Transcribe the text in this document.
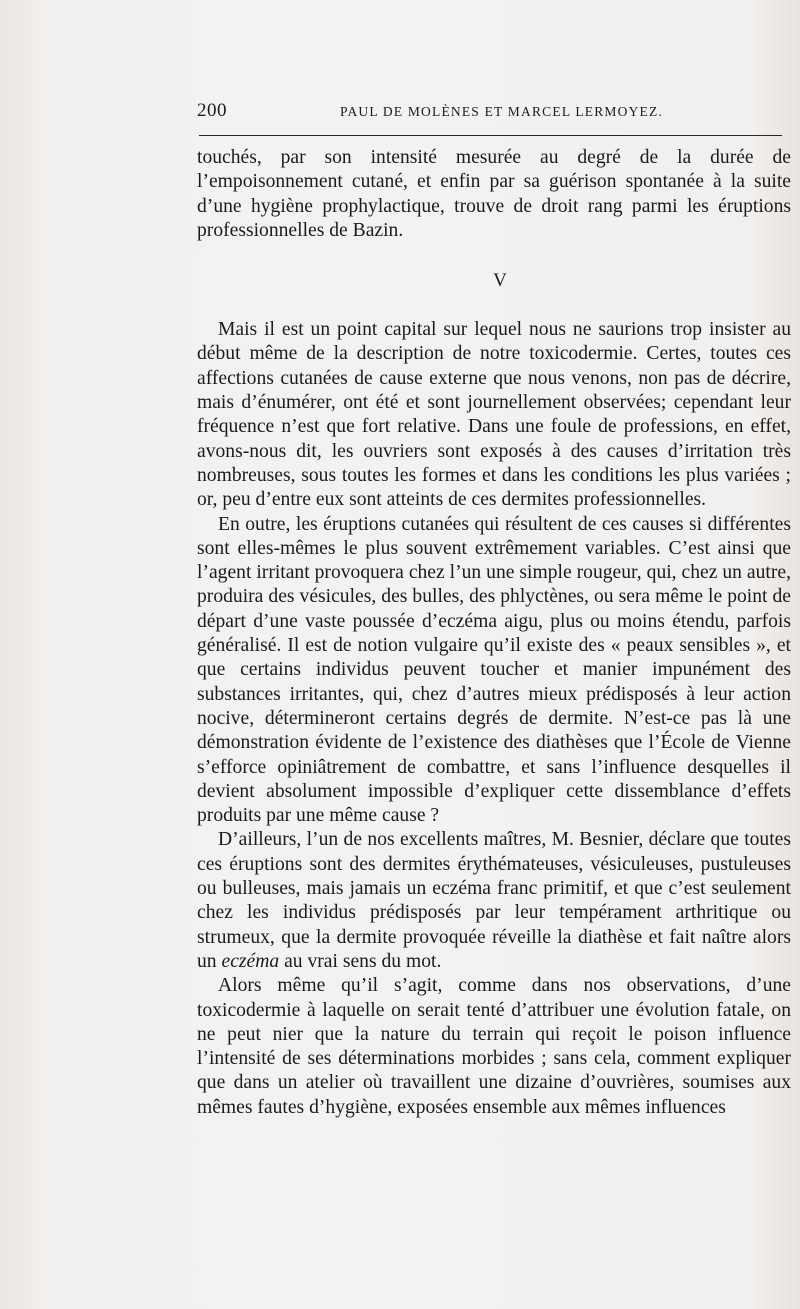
200	PAUL DE MOLÈNES ET MARCEL LERMOYEZ.

touchés, par son intensité mesurée au degré de la durée de l’empoisonnement cutané, et enfin par sa guérison spontanée à la suite d’une hygiène prophylactique, trouve de droit rang parmi les éruptions professionnelles de Bazin.

V

Mais il est un point capital sur lequel nous ne saurions trop insister au début même de la description de notre toxicodermie. Certes, toutes ces affections cutanées de cause externe que nous venons, non pas de décrire, mais d’énumérer, ont été et sont journellement observées; cependant leur fréquence n’est que fort relative. Dans une foule de professions, en effet, avons-nous dit, les ouvriers sont exposés à des causes d’irritation très nombreuses, sous toutes les formes et dans les conditions les plus variées ; or, peu d’entre eux sont atteints de ces dermites professionnelles.

En outre, les éruptions cutanées qui résultent de ces causes si différentes sont elles-mêmes le plus souvent extrêmement variables. C’est ainsi que l’agent irritant provoquera chez l’un une simple rougeur, qui, chez un autre, produira des vésicules, des bulles, des phlyctènes, ou sera même le point de départ d’une vaste poussée d’eczéma aigu, plus ou moins étendu, parfois généralisé. Il est de notion vulgaire qu’il existe des « peaux sensibles », et que certains individus peuvent toucher et manier impunément des substances irritantes, qui, chez d’autres mieux prédisposés à leur action nocive, détermineront certains degrés de dermite. N’est-ce pas là une démonstration évidente de l’existence des diathèses que l’École de Vienne s’efforce opiniâtrement de combattre, et sans l’influence desquelles il devient absolument impossible d’expliquer cette dissemblance d’effets produits par une même cause ?

D’ailleurs, l’un de nos excellents maîtres, M. Besnier, déclare que toutes ces éruptions sont des dermites érythémateuses, vésiculeuses, pustuleuses ou bulleuses, mais jamais un eczéma franc primitif, et que c’est seulement chez les individus prédisposés par leur tempérament arthritique ou strumeux, que la dermite provoquée réveille la diathèse et fait naître alors un eczéma au vrai sens du mot.

Alors même qu’il s’agit, comme dans nos observations, d’une toxicodermie à laquelle on serait tenté d’attribuer une évolution fatale, on ne peut nier que la nature du terrain qui reçoit le poison influence l’intensité de ses déterminations morbides ; sans cela, comment expliquer que dans un atelier où travaillent une dizaine d’ouvrières, soumises aux mêmes fautes d’hygiène, exposées ensemble aux mêmes influences
